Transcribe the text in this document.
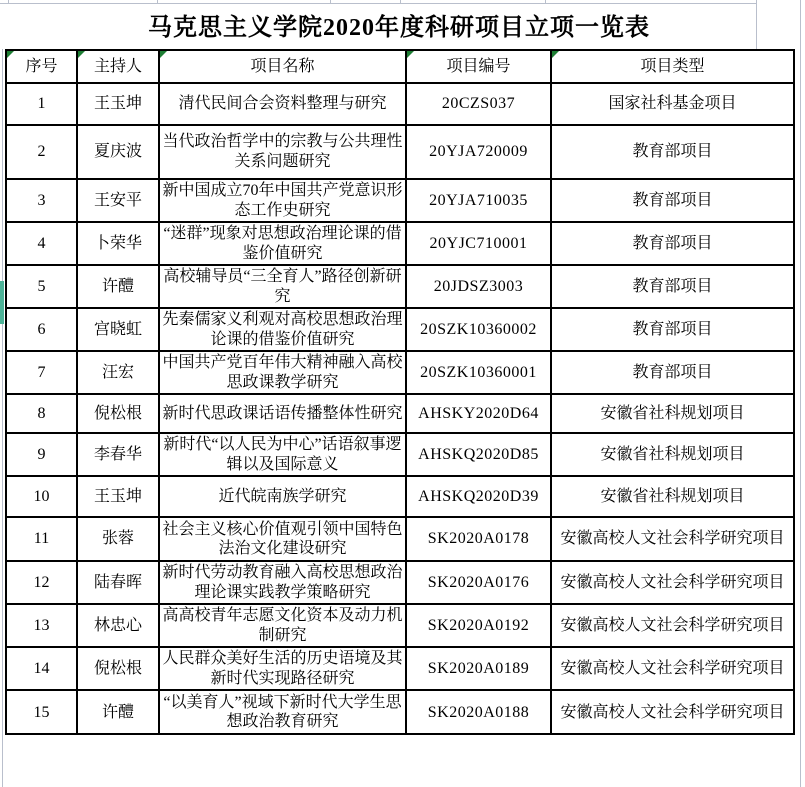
马克思主义学院2020年度科研项目立项一览表
序号	主持人	项目名称	项目编号	项目类型
1	王玉坤	清代民间合会资料整理与研究	20CZS037	国家社科基金项目
2	夏庆波	当代政治哲学中的宗教与公共理性关系问题研究	20YJA720009	教育部项目
3	王安平	新中国成立70年中国共产党意识形态工作史研究	20YJA710035	教育部项目
4	卜荣华	“迷群”现象对思想政治理论课的借鉴价值研究	20YJC710001	教育部项目
5	许醴	高校辅导员“三全育人”路径创新研究	20JDSZ3003	教育部项目
6	宫晓虹	先秦儒家义利观对高校思想政治理论课的借鉴价值研究	20SZK10360002	教育部项目
7	汪宏	中国共产党百年伟大精神融入高校思政课教学研究	20SZK10360001	教育部项目
8	倪松根	新时代思政课话语传播整体性研究	AHSKY2020D64	安徽省社科规划项目
9	李春华	新时代“以人民为中心”话语叙事逻辑以及国际意义	AHSKQ2020D85	安徽省社科规划项目
10	王玉坤	近代皖南族学研究	AHSKQ2020D39	安徽省社科规划项目
11	张蓉	社会主义核心价值观引领中国特色法治文化建设研究	SK2020A0178	安徽高校人文社会科学研究项目
12	陆春晖	新时代劳动教育融入高校思想政治理论课实践教学策略研究	SK2020A0176	安徽高校人文社会科学研究项目
13	林忠心	高高校青年志愿文化资本及动力机制研究	SK2020A0192	安徽高校人文社会科学研究项目
14	倪松根	人民群众美好生活的历史语境及其新时代实现路径研究	SK2020A0189	安徽高校人文社会科学研究项目
15	许醴	“以美育人”视域下新时代大学生思想政治教育研究	SK2020A0188	安徽高校人文社会科学研究项目
